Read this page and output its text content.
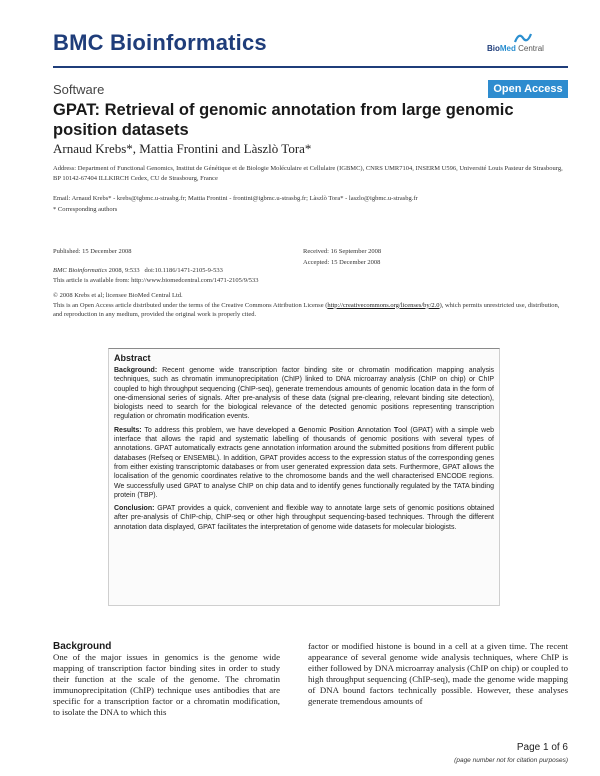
BMC Bioinformatics	BioMed Central
Software	Open Access
GPAT: Retrieval of genomic annotation from large genomic position datasets
Arnaud Krebs*, Mattia Frontini and Làszlò Tora*
Address: Department of Functional Genomics, Institut de Génétique et de Biologie Moléculaire et Cellulaire (IGBMC), CNRS UMR7104, INSERM U596, Université Louis Pasteur de Strasbourg, BP 10142-67404 ILLKIRCH Cedex, CU de Strasbourg, France
Email: Arnaud Krebs* - krebs@igbmc.u-strasbg.fr; Mattia Frontini - frontini@igbmc.u-strasbg.fr; Làszlò Tora* - laszlo@igbmc.u-strasbg.fr
* Corresponding authors
Published: 15 December 2008
BMC Bioinformatics 2008, 9:533 doi:10.1186/1471-2105-9-533
Received: 16 September 2008
Accepted: 15 December 2008
This article is available from: http://www.biomedcentral.com/1471-2105/9/533
© 2008 Krebs et al; licensee BioMed Central Ltd.
This is an Open Access article distributed under the terms of the Creative Commons Attribution License (http://creativecommons.org/licenses/by/2.0), which permits unrestricted use, distribution, and reproduction in any medium, provided the original work is properly cited.
Abstract

Background: Recent genome wide transcription factor binding site or chromatin modification mapping analysis techniques, such as chromatin immunoprecipitation (ChIP) linked to DNA microarray analysis (ChIP on chip) or ChIP coupled to high throughput sequencing (ChIP-seq), generate tremendous amounts of genomic location data in the form of one-dimensional series of signals. After pre-analysis of these data (signal pre-clearing, relevant binding site detection), biologists need to search for the biological relevance of the detected genomic positions representing transcription regulation or chromatin modification events.

Results: To address this problem, we have developed a Genomic Position Annotation Tool (GPAT) with a simple web interface that allows the rapid and systematic labelling of thousands of genomic positions with several types of annotations. GPAT automatically extracts gene annotation information around the submitted positions from different public databases (Refseq or ENSEMBL). In addition, GPAT provides access to the expression status of the corresponding genes from either existing transcriptomic databases or from user generated expression data sets. Furthermore, GPAT allows the localisation of the genomic coordinates relative to the chromosome bands and the well characterised ENCODE regions. We successfully used GPAT to analyse ChIP on chip data and to identify genes functionally regulated by the TATA binding protein (TBP).

Conclusion: GPAT provides a quick, convenient and flexible way to annotate large sets of genomic positions obtained after pre-analysis of ChIP-chip, ChIP-seq or other high throughput sequencing-based techniques. Through the different annotation data displayed, GPAT facilitates the interpretation of genome wide datasets for molecular biologists.

Background
One of the major issues in genomics is the genome wide mapping of transcription factor binding sites in order to study their function at the scale of the genome. The chromatin immunoprecipitation (ChIP) technique uses antibodies that are specific for a transcription factor or a chromatin modification, to isolate the DNA to which this
factor or modified histone is bound in a cell at a given time. The recent appearance of several genome wide analysis techniques, where ChIP is either followed by DNA microarray analysis (ChIP on chip) or coupled to high throughput sequencing (ChIP-seq), made the genome wide mapping of DNA bound factors technically possible. However, these analyses generate tremendous amounts of
Page 1 of 6
(page number not for citation purposes)
